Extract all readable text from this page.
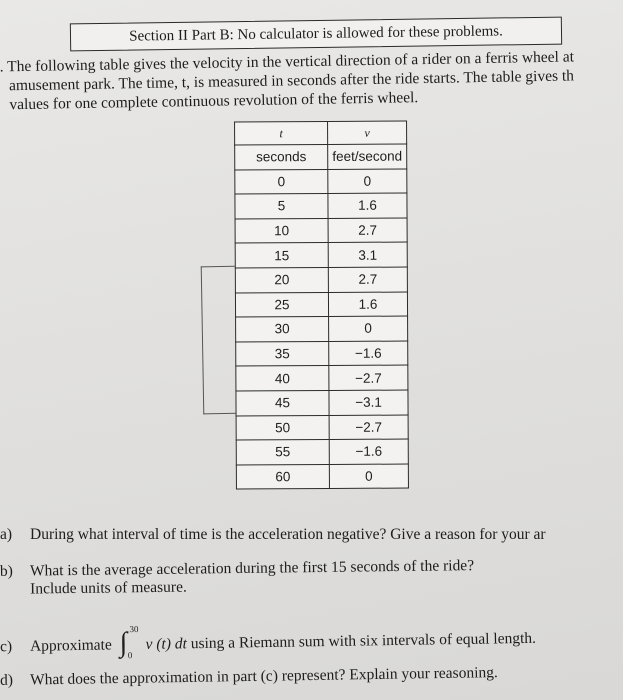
Section II Part B: No calculator is allowed for these problems.
. The following table gives the velocity in the vertical direction of a rider on a ferris wheel at
amusement park. The time, t, is measured in seconds after the ride starts. The table gives th
values for one complete continuous revolution of the ferris wheel.
t	v
seconds	feet/second
0	0
5	1.6
10	2.7
15	3.1
20	2.7
25	1.6
30	0
35	−1.6
40	−2.7
45	−3.1
50	−2.7
55	−1.6
60	0
a) During what interval of time is the acceleration negative? Give a reason for your ar
b) What is the average acceleration during the first 15 seconds of the ride?
Include units of measure.
c) Approximate ∫ 30
0
v (t) dt using a Riemann sum with six intervals of equal length.
d) What does the approximation in part (c) represent? Explain your reasoning.
